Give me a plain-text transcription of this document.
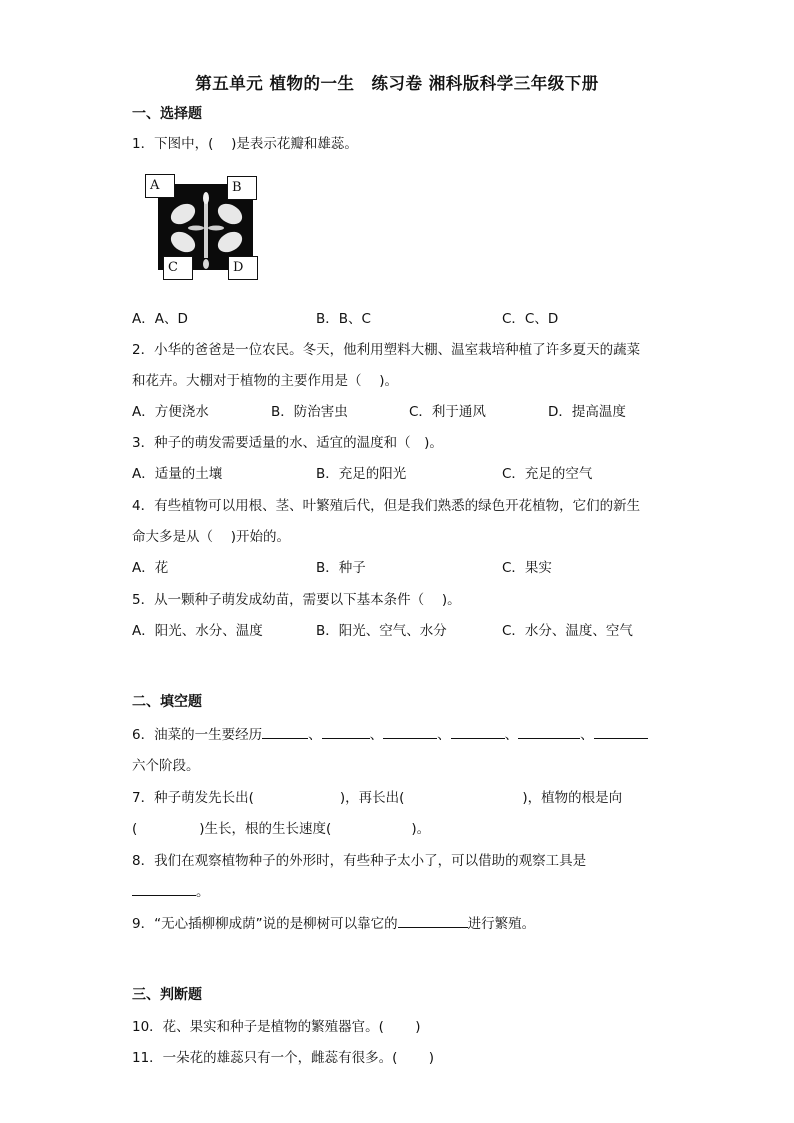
第五单元 植物的一生　练习卷 湘科版科学三年级下册
一、选择题
1．下图中，(　 )是表示花瓣和雄蕊。
A	B
C	D
A．A、D	B．B、C	C．C、D
2．小华的爸爸是一位农民。冬天，他利用塑料大棚、温室栽培种植了许多夏天的蔬菜
和花卉。大棚对于植物的主要作用是（　 )。
A．方便浇水	B．防治害虫	C．利于通风	D．提高温度
3．种子的萌发需要适量的水、适宜的温度和（　)。
A．适量的土壤	B．充足的阳光	C．充足的空气
4．有些植物可以用根、茎、叶繁殖后代，但是我们熟悉的绿色开花植物，它们的新生
命大多是从（　 )开始的。
A．花	B．种子	C．果实
5．从一颗种子萌发成幼苗，需要以下基本条件（　 )。
A．阳光、水分、温度	B．阳光、空气、水分	C．水分、温度、空气
二、填空题
6．油菜的一生要经历	、	、	、	、	、
六个阶段。
7．种子萌发先长出(	)，再长出(	)，植物的根是向
(	)生长，根的生长速度(	)。
8．我们在观察植物种子的外形时，有些种子太小了，可以借助的观察工具是
。
9．“无心插柳柳成荫”说的是柳树可以靠它的	进行繁殖。
三、判断题
10．花、果实和种子是植物的繁殖器官。(　　 )
11．一朵花的雄蕊只有一个，雌蕊有很多。(　　 )
